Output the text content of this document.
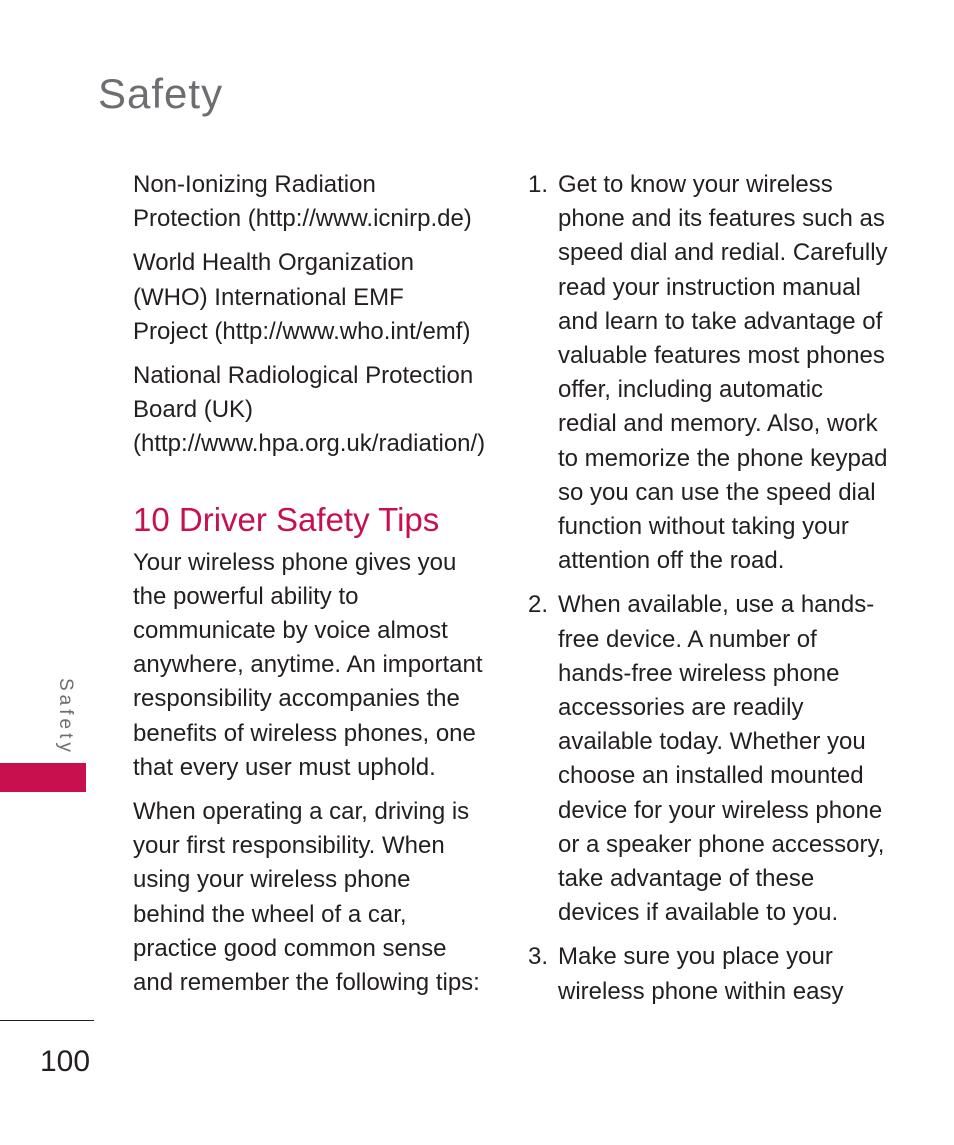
Safety
Safety
100

Non-Ionizing Radiation Protection (http://www.icnirp.de)

World Health Organization (WHO) International EMF Project (http://www.who.int/emf)

National Radiological Protection Board (UK) (http://www.hpa.org.uk/radiation/)

10 Driver Safety Tips

Your wireless phone gives you the powerful ability to communicate by voice almost anywhere, anytime. An important responsibility accompanies the benefits of wireless phones, one that every user must uphold.

When operating a car, driving is your first responsibility. When using your wireless phone behind the wheel of a car, practice good common sense and remember the following tips:

1. Get to know your wireless phone and its features such as speed dial and redial. Carefully read your instruction manual and learn to take advantage of valuable features most phones offer, including automatic redial and memory. Also, work to memorize the phone keypad so you can use the speed dial function without taking your attention off the road.
2. When available, use a hands-free device. A number of hands-free wireless phone accessories are readily available today. Whether you choose an installed mounted device for your wireless phone or a speaker phone accessory, take advantage of these devices if available to you.
3. Make sure you place your wireless phone within easy
